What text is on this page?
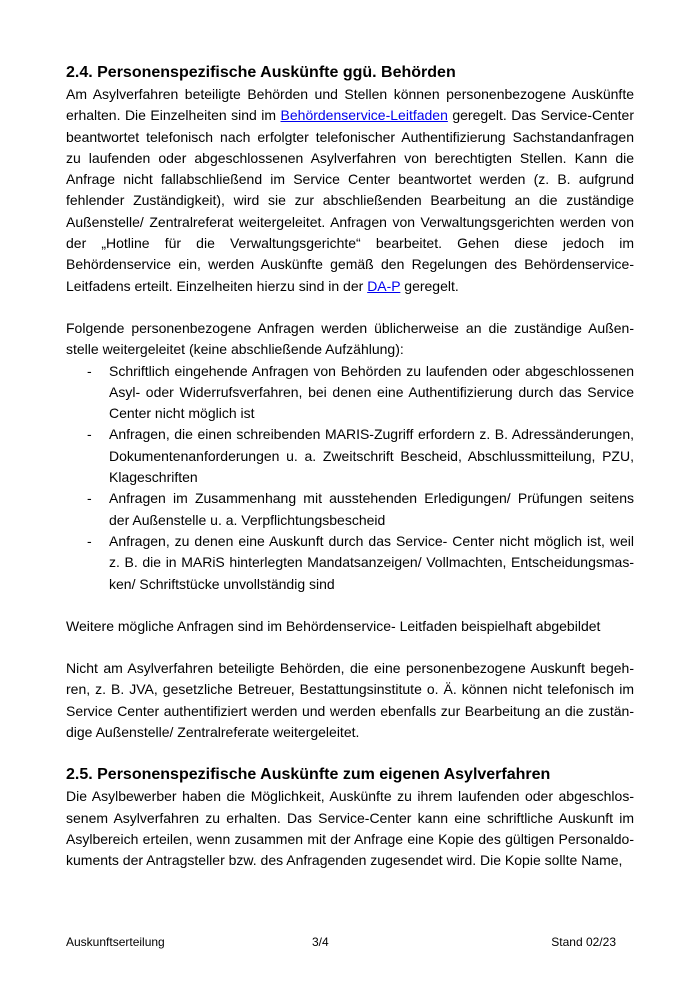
2.4. Personenspezifische Auskünfte ggü. Behörden

Am Asylverfahren beteiligte Behörden und Stellen können personenbezogene Auskünfte erhalten. Die Einzelheiten sind im Behördenservice-Leitfaden geregelt. Das Service-Center beantwortet telefonisch nach erfolgter telefonischer Authentifizierung Sachstandanfragen zu laufenden oder abgeschlossenen Asylverfahren von berechtigten Stellen. Kann die Anfrage nicht fallabschließend im Service Center beantwortet werden (z. B. aufgrund fehlender Zuständigkeit), wird sie zur abschließenden Bearbeitung an die zuständige Außenstelle/ Zentralreferat weitergeleitet. Anfragen von Verwaltungsgerichten werden von der „Hotline für die Verwaltungsgerichte“ bearbeitet. Gehen diese jedoch im Behördenservice ein, werden Auskünfte gemäß den Regelungen des Behördenservice-Leitfadens erteilt. Einzelheiten hierzu sind in der DA-P geregelt.

Folgende personenbezogene Anfragen werden üblicherweise an die zuständige Außenstelle weitergeleitet (keine abschließende Aufzählung):

- Schriftlich eingehende Anfragen von Behörden zu laufenden oder abgeschlossenen Asyl- oder Widerrufsverfahren, bei denen eine Authentifizierung durch das Service Center nicht möglich ist
- Anfragen, die einen schreibenden MARIS-Zugriff erfordern z. B. Adressänderungen, Dokumentenanforderungen u. a. Zweitschrift Bescheid, Abschlussmitteilung, PZU, Klageschriften
- Anfragen im Zusammenhang mit ausstehenden Erledigungen/ Prüfungen seitens der Außenstelle u. a. Verpflichtungsbescheid
- Anfragen, zu denen eine Auskunft durch das Service- Center nicht möglich ist, weil z. B. die in MARiS hinterlegten Mandatsanzeigen/ Vollmachten, Entscheidungsmasken/ Schriftstücke unvollständig sind

Weitere mögliche Anfragen sind im Behördenservice- Leitfaden beispielhaft abgebildet

Nicht am Asylverfahren beteiligte Behörden, die eine personenbezogene Auskunft begehren, z. B. JVA, gesetzliche Betreuer, Bestattungsinstitute o. Ä. können nicht telefonisch im Service Center authentifiziert werden und werden ebenfalls zur Bearbeitung an die zuständige Außenstelle/ Zentralreferate weitergeleitet.

2.5. Personenspezifische Auskünfte zum eigenen Asylverfahren

Die Asylbewerber haben die Möglichkeit, Auskünfte zu ihrem laufenden oder abgeschlossenem Asylverfahren zu erhalten. Das Service-Center kann eine schriftliche Auskunft im Asylbereich erteilen, wenn zusammen mit der Anfrage eine Kopie des gültigen Personaldokuments der Antragsteller bzw. des Anfragenden zugesendet wird. Die Kopie sollte Name,

Auskunftserteilung	3/4	Stand 02/23
